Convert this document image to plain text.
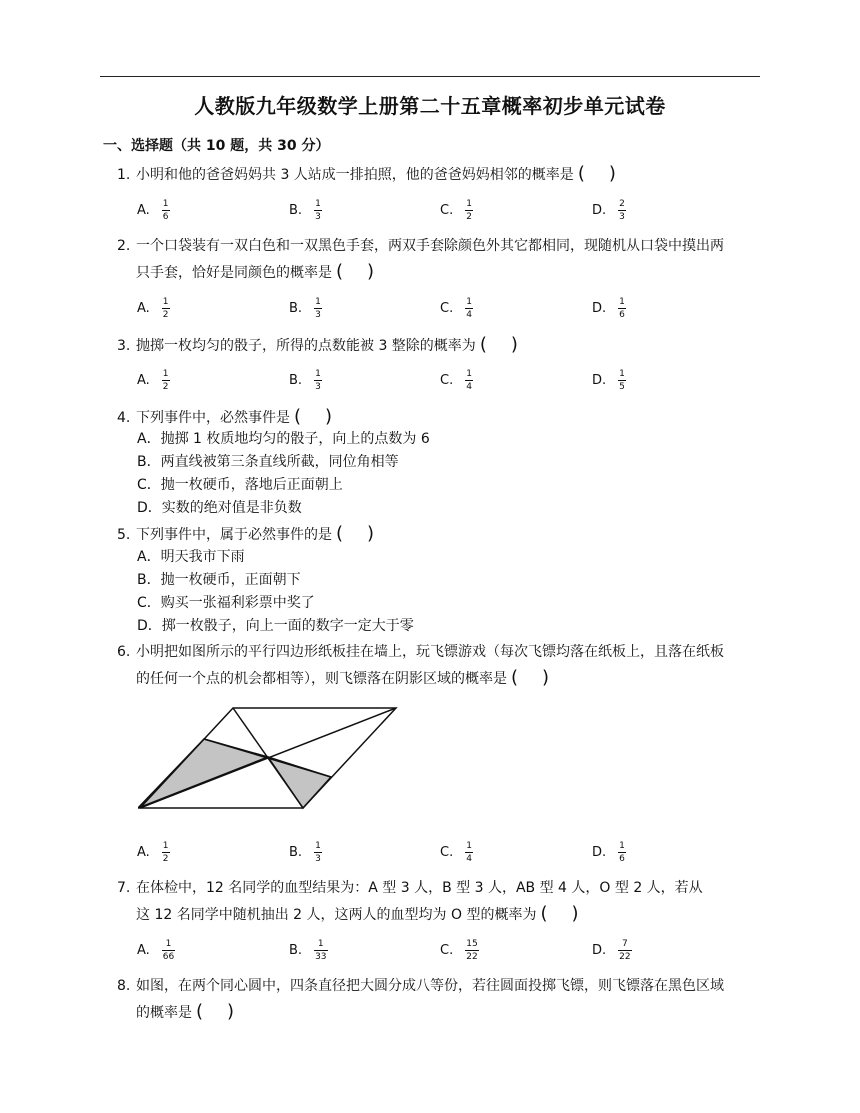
人教版九年级数学上册第二十五章概率初步单元试卷
一、选择题（共 10 题，共 30 分）
1. 小明和他的爸爸妈妈共 3 人站成一排拍照，他的爸爸妈妈相邻的概率是 ( )
A. $\frac{1}{6}$	B. $\frac{1}{3}$	C. $\frac{1}{2}$	D. $\frac{2}{3}$
2. 一个口袋装有一双白色和一双黑色手套，两双手套除颜色外其它都相同，现随机从口袋中摸出两
只手套，恰好是同颜色的概率是 ( )
A. $\frac{1}{2}$	B. $\frac{1}{3}$	C. $\frac{1}{4}$	D. $\frac{1}{6}$
3. 抛掷一枚均匀的骰子，所得的点数能被 3 整除的概率为 ( )
A. $\frac{1}{2}$	B. $\frac{1}{3}$	C. $\frac{1}{4}$	D. $\frac{1}{5}$
4. 下列事件中，必然事件是 ( )
A．抛掷 1 枚质地均匀的骰子，向上的点数为 6
B．两直线被第三条直线所截，同位角相等
C．抛一枚硬币，落地后正面朝上
D．实数的绝对值是非负数
5. 下列事件中，属于必然事件的是 ( )
A．明天我市下雨
B．抛一枚硬币，正面朝下
C．购买一张福利彩票中奖了
D．掷一枚骰子，向上一面的数字一定大于零
6. 小明把如图所示的平行四边形纸板挂在墙上，玩飞镖游戏（每次飞镖均落在纸板上，且落在纸板
的任何一个点的机会都相等），则飞镖落在阴影区域的概率是 ( )
A. $\frac{1}{2}$	B. $\frac{1}{3}$	C. $\frac{1}{4}$	D. $\frac{1}{6}$
7. 在体检中，12 名同学的血型结果为：A 型 3 人，B 型 3 人，AB 型 4 人，O 型 2 人，若从
这 12 名同学中随机抽出 2 人，这两人的血型均为 O 型的概率为 ( )
A. $\frac{1}{66}$	B. $\frac{1}{33}$	C. $\frac{15}{22}$	D. $\frac{7}{22}$
8. 如图，在两个同心圆中，四条直径把大圆分成八等份，若往圆面投掷飞镖，则飞镖落在黑色区域
的概率是 ( )
